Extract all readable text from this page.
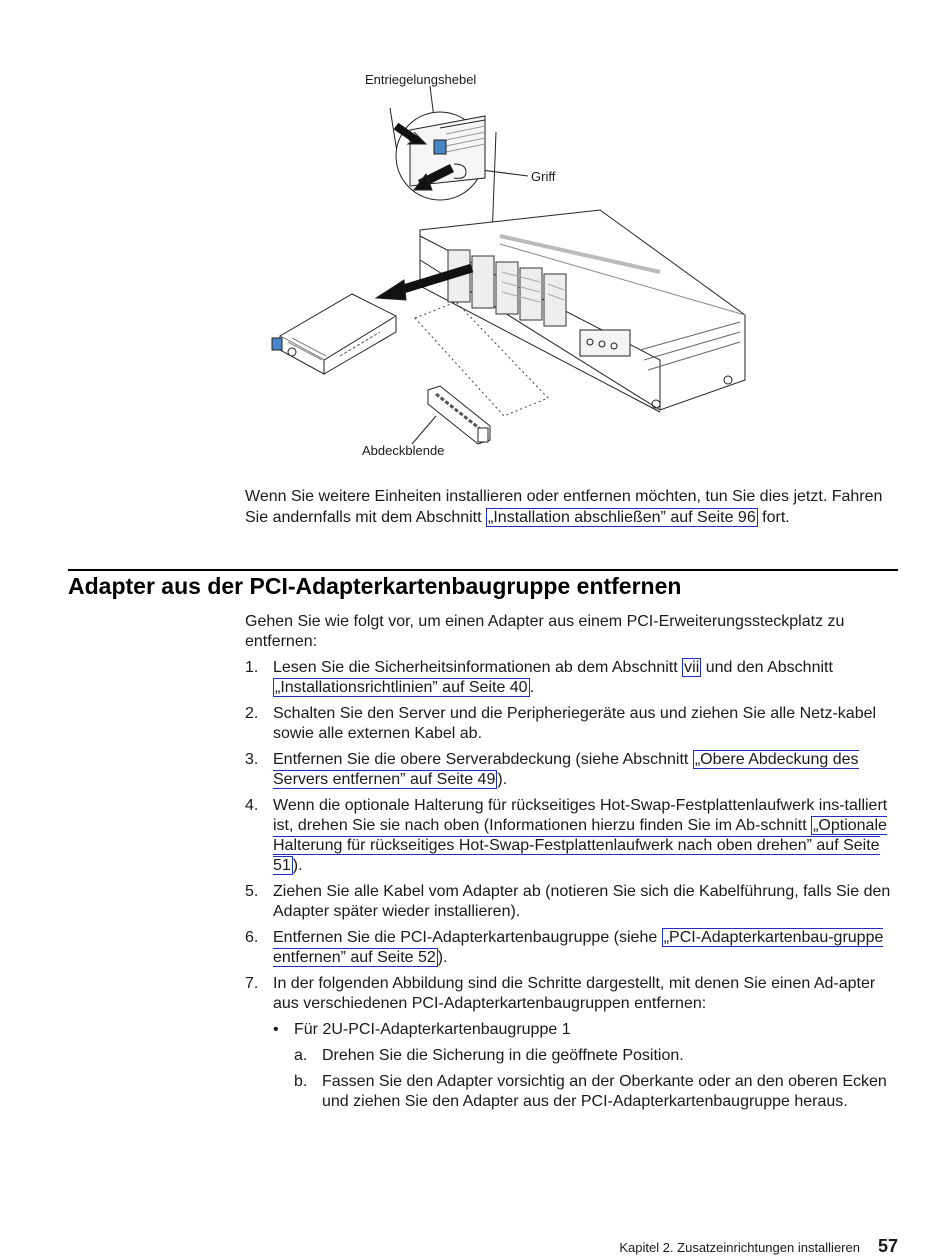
Entriegelungshebel
Griff
Abdeckblende
Wenn Sie weitere Einheiten installieren oder entfernen möchten, tun Sie dies jetzt. Fahren Sie andernfalls mit dem Abschnitt „Installation abschließen” auf Seite 96 fort.
Adapter aus der PCI-Adapterkartenbaugruppe entfernen

Gehen Sie wie folgt vor, um einen Adapter aus einem PCI-Erweiterungssteckplatz zu entfernen:

1. Lesen Sie die Sicherheitsinformationen ab dem Abschnitt vii und den Abschnitt „Installationsrichtlinien” auf Seite 40 .
2. Schalten Sie den Server und die Peripheriegeräte aus und ziehen Sie alle Netz-kabel sowie alle externen Kabel ab.
3. Entfernen Sie die obere Serverabdeckung (siehe Abschnitt „Obere Abdeckung des Servers entfernen” auf Seite 49 ).
4. Wenn die optionale Halterung für rückseitiges Hot-Swap-Festplattenlaufwerk ins-talliert ist, drehen Sie sie nach oben (Informationen hierzu finden Sie im Ab-schnitt „Optionale Halterung für rückseitiges Hot-Swap-Festplattenlaufwerk nach oben drehen” auf Seite 51 ).
5. Ziehen Sie alle Kabel vom Adapter ab (notieren Sie sich die Kabelführung, falls Sie den Adapter später wieder installieren).
6. Entfernen Sie die PCI-Adapterkartenbaugruppe (siehe „PCI-Adapterkartenbau-gruppe entfernen” auf Seite 52 ).
7. In der folgenden Abbildung sind die Schritte dargestellt, mit denen Sie einen Ad-apter aus verschiedenen PCI-Adapterkartenbaugruppen entfernen:
• Für 2U-PCI-Adapterkartenbaugruppe 1
a. Drehen Sie die Sicherung in die geöffnete Position.
b. Fassen Sie den Adapter vorsichtig an der Oberkante oder an den oberen Ecken und ziehen Sie den Adapter aus der PCI-Adapterkartenbaugruppe heraus.
Kapitel 2. Zusatzeinrichtungen installieren 57
